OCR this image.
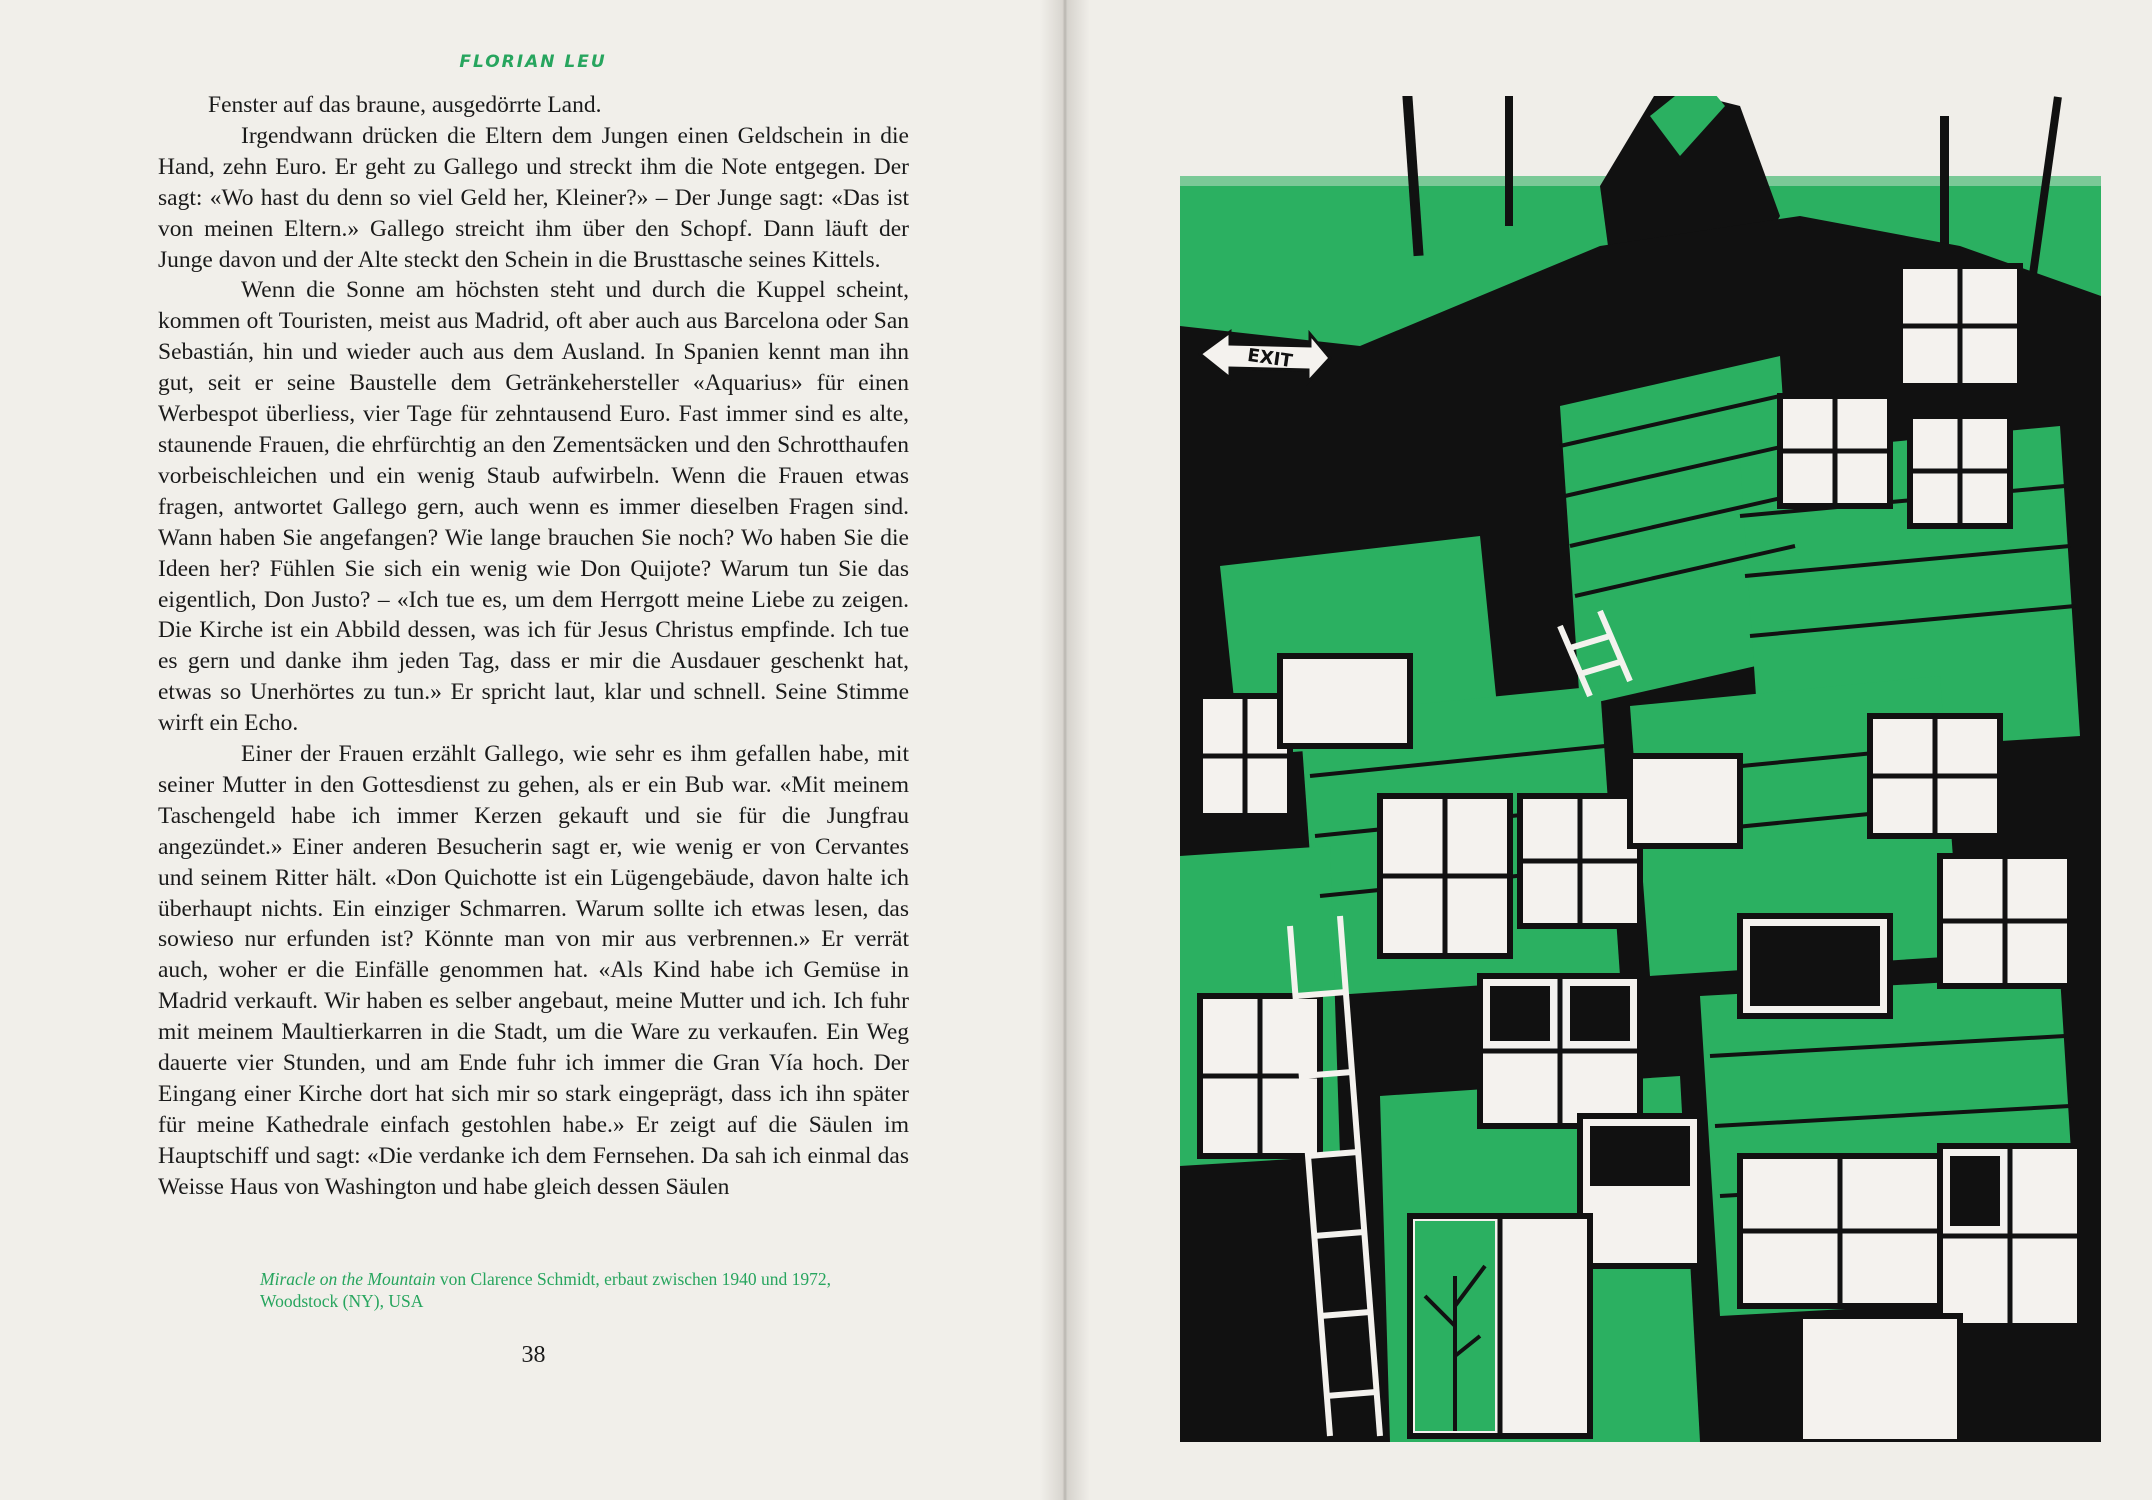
FLORIAN LEU

Fenster auf das braune, ausgedörrte Land.

Irgendwann drücken die Eltern dem Jungen einen Geldschein in die Hand, zehn Euro. Er geht zu Gallego und streckt ihm die Note entgegen. Der sagt: «Wo hast du denn so viel Geld her, Kleiner?» – Der Junge sagt: «Das ist von meinen Eltern.» Gallego streicht ihm über den Schopf. Dann läuft der Junge davon und der Alte steckt den Schein in die Brusttasche seines Kittels.

Wenn die Sonne am höchsten steht und durch die Kuppel scheint, kommen oft Touristen, meist aus Madrid, oft aber auch aus Barcelona oder San Sebastián, hin und wieder auch aus dem Ausland. In Spanien kennt man ihn gut, seit er seine Baustelle dem Getränkehersteller «Aquarius» für einen Werbespot überliess, vier Tage für zehntausend Euro. Fast immer sind es alte, staunende Frauen, die ehrfürchtig an den Zementsäcken und den Schrotthaufen vorbeischleichen und ein wenig Staub aufwirbeln. Wenn die Frauen etwas fragen, antwortet Gallego gern, auch wenn es immer dieselben Fragen sind. Wann haben Sie angefangen? Wie lange brauchen Sie noch? Wo haben Sie die Ideen her? Fühlen Sie sich ein wenig wie Don Quijote? Warum tun Sie das eigentlich, Don Justo? – «Ich tue es, um dem Herrgott meine Liebe zu zeigen. Die Kirche ist ein Abbild dessen, was ich für Jesus Christus empfinde. Ich tue es gern und danke ihm jeden Tag, dass er mir die Ausdauer geschenkt hat, etwas so Unerhörtes zu tun.» Er spricht laut, klar und schnell. Seine Stimme wirft ein Echo.

Einer der Frauen erzählt Gallego, wie sehr es ihm gefallen habe, mit seiner Mutter in den Gottesdienst zu gehen, als er ein Bub war. «Mit meinem Taschengeld habe ich immer Kerzen gekauft und sie für die Jungfrau angezündet.» Einer anderen Besucherin sagt er, wie wenig er von Cervantes und seinem Ritter hält. «Don Quichotte ist ein Lügengebäude, davon halte ich überhaupt nichts. Ein einziger Schmarren. Warum sollte ich etwas lesen, das sowieso nur erfunden ist? Könnte man von mir aus verbrennen.» Er verrät auch, woher er die Einfälle genommen hat. «Als Kind habe ich Gemüse in Madrid verkauft. Wir haben es selber angebaut, meine Mutter und ich. Ich fuhr mit meinem Maultierkarren in die Stadt, um die Ware zu verkaufen. Ein Weg dauerte vier Stunden, und am Ende fuhr ich immer die Gran Vía hoch. Der Eingang einer Kirche dort hat sich mir so stark eingeprägt, dass ich ihn später für meine Kathedrale einfach gestohlen habe.» Er zeigt auf die Säulen im Hauptschiff und sagt: «Die verdanke ich dem Fernsehen. Da sah ich einmal das Weisse Haus von Washington und habe gleich dessen Säulen

Miracle on the Mountain von Clarence Schmidt, erbaut zwischen 1940 und 1972, Woodstock (NY), USA
38
EXIT
